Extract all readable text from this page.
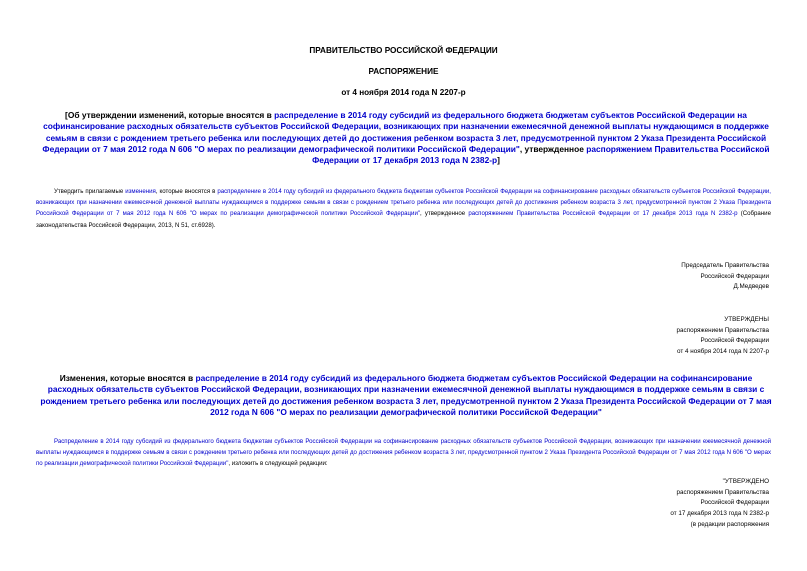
ПРАВИТЕЛЬСТВО РОССИЙСКОЙ ФЕДЕРАЦИИ
РАСПОРЯЖЕНИЕ
от 4 ноября 2014 года N 2207-р
[Об утверждении изменений, которые вносятся в распределение в 2014 году субсидий из федерального бюджета бюджетам субъектов Российской Федерации на софинансирование расходных обязательств субъектов Российской Федерации, возникающих при назначении ежемесячной денежной выплаты нуждающимся в поддержке семьям в связи с рождением третьего ребенка или последующих детей до достижения ребенком возраста 3 лет, предусмотренной пунктом 2 Указа Президента Российской Федерации от 7 мая 2012 года N 606 "О мерах по реализации демографической политики Российской Федерации", утвержденное распоряжением Правительства Российской Федерации от 17 декабря 2013 года N 2382-р]
Утвердить прилагаемые изменения, которые вносятся в распределение в 2014 году субсидий из федерального бюджета бюджетам субъектов Российской Федерации на софинансирование расходных обязательств субъектов Российской Федерации, возникающих при назначении ежемесячной денежной выплаты нуждающимся в поддержке семьям в связи с рождением третьего ребенка или последующих детей до достижения ребенком возраста 3 лет, предусмотренной пунктом 2 Указа Президента Российской Федерации от 7 мая 2012 года N 606 "О мерах по реализации демографической политики Российской Федерации", утвержденное распоряжением Правительства Российской Федерации от 17 декабря 2013 года N 2382-р (Собрание законодательства Российской Федерации, 2013, N 51, ст.6928).
Председатель Правительства
Российской Федерации
Д.Медведев
УТВЕРЖДЕНЫ
распоряжением Правительства
Российской Федерации
от 4 ноября 2014 года N 2207-р
Изменения, которые вносятся в распределение в 2014 году субсидий из федерального бюджета бюджетам субъектов Российской Федерации на софинансирование расходных обязательств субъектов Российской Федерации, возникающих при назначении ежемесячной денежной выплаты нуждающимся в поддержке семьям в связи с рождением третьего ребенка или последующих детей до достижения ребенком возраста 3 лет, предусмотренной пунктом 2 Указа Президента Российской Федерации от 7 мая 2012 года N 606 "О мерах по реализации демографической политики Российской Федерации"
Распределение в 2014 году субсидий из федерального бюджета бюджетам субъектов Российской Федерации на софинансирование расходных обязательств субъектов Российской Федерации, возникающих при назначении ежемесячной денежной выплаты нуждающимся в поддержке семьям в связи с рождением третьего ребенка или последующих детей до достижения ребенком возраста 3 лет, предусмотренной пунктом 2 Указа Президента Российской Федерации от 7 мая 2012 года N 606 "О мерах по реализации демографической политики Российской Федерации", изложить в следующей редакции:
"УТВЕРЖДЕНО
распоряжением Правительства
Российской Федерации
от 17 декабря 2013 года N 2382-р
(в редакции распоряжения
